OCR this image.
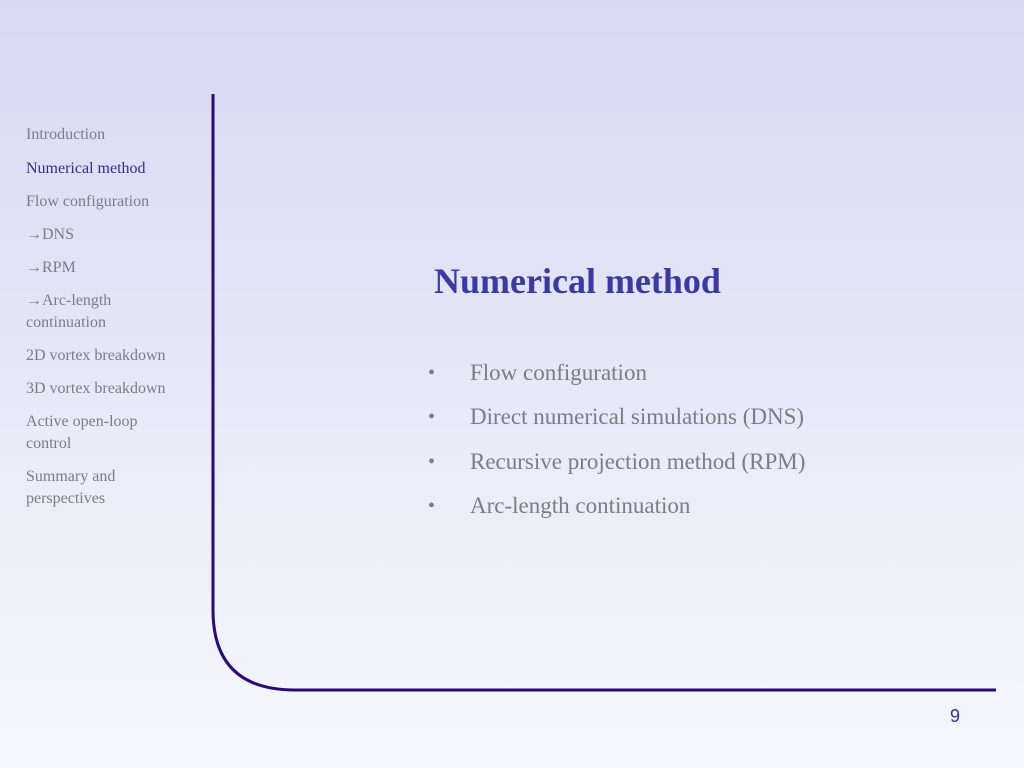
Introduction
Numerical method
Flow configuration
→DNS
→RPM
→Arc-length continuation
2D vortex breakdown
3D vortex breakdown
Active open-loop control
Summary and perspectives
Numerical method
• Flow configuration
• Direct numerical simulations (DNS)
• Recursive projection method (RPM)
• Arc-length continuation
9
